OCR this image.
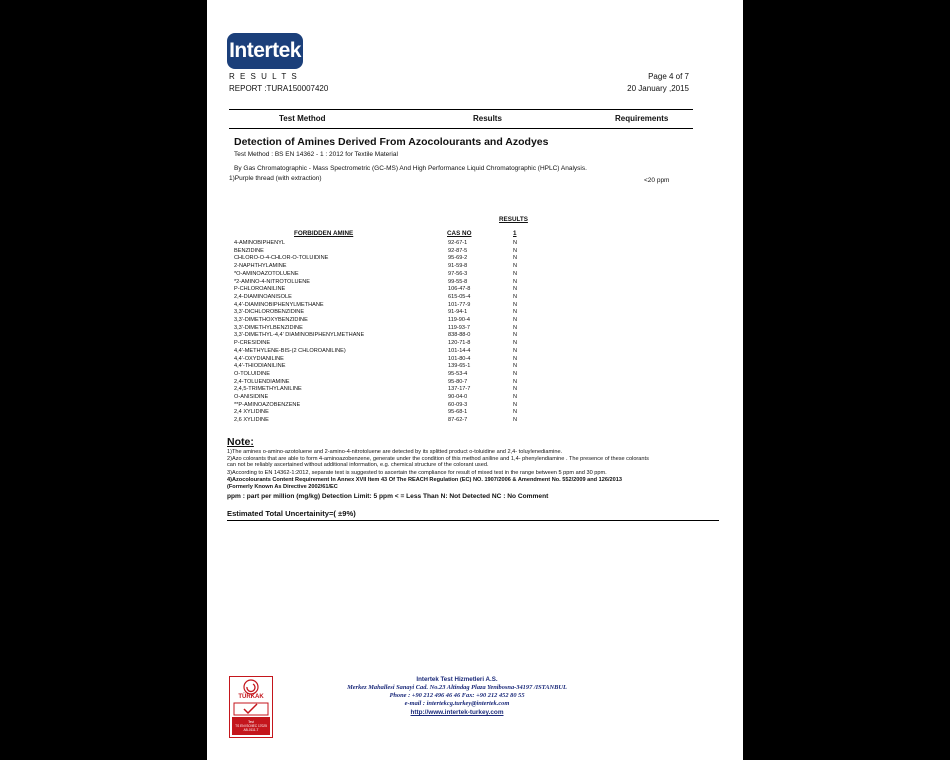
Intertek
R E S U L T S
REPORT :TURA150007420
Page 4 of 7
20 January ,2015
Test Method	Results	Requirements
Detection of Amines Derived From Azocolourants and Azodyes
Test Method : BS EN 14362 - 1 : 2012 for Textile Material
By Gas Chromatographic - Mass Spectrometric (GC-MS) And High Performance Liquid Chromatographic (HPLC) Analysis.
1)Purple thread (with extraction)	<20 ppm
RESULTS
FORBIDDEN AMINE	CAS NO	1
4-AMINOBIPHENYL	92-67-1	N
BENZIDINE	92-87-5	N
CHLORO-O-4-CHLOR-O-TOLUIDINE	95-69-2	N
2-NAPHTHYLAMINE	91-59-8	N
*O-AMINOAZOTOLUENE	97-56-3	N
*2-AMINO-4-NITROTOLUENE	99-55-8	N
P-CHLOROANILINE	106-47-8	N
2,4-DIAMINOANISOLE	615-05-4	N
4,4'-DIAMINOBIPHENYLMETHANE	101-77-9	N
3,3'-DICHLOROBENZIDINE	91-94-1	N
3,3'-DIMETHOXYBENZIDINE	119-90-4	N
3,3'-DIMETHYLBENZIDINE	119-93-7	N
3,3'-DIMETHYL-4,4' DIAMINOBIPHENYLMETHANE	838-88-0	N
P-CRESIDINE	120-71-8	N
4,4'-METHYLENE-BIS-(2 CHLOROANILINE)	101-14-4	N
4,4'-OXYDIANILINE	101-80-4	N
4,4'-THIODIANILINE	139-65-1	N
O-TOLUIDINE	95-53-4	N
2,4-TOLUENDIAMINE	95-80-7	N
2,4,5-TRIMETHYLANILINE	137-17-7	N
O-ANISIDINE	90-04-0	N
**P-AMINOAZOBENZENE	60-09-3	N
2,4 XYLIDINE	95-68-1	N
2,6 XYLIDINE	87-62-7	N
Note:
1)The amines o-amino-azotoluene and 2-amino-4-nitrotoluene are detected by its splitted product o-toluidine and 2,4- toluylenediamine.
2)Azo colorants that are able to form 4-aminoazobenzene, generate under the condition of this method aniline and 1,4- phenylendiamine . The presence of these colorants
can not be reliably ascertained without additional information, e.g. chemical structure of the colorant used.
3)According to EN 14362-1:2012, separate test is suggested to ascertain the compliance for result of mixed test in the range between 5 ppm and 30 ppm.
4)Azocolourants Content Requirement In Annex XVII Item 43 Of The REACH Regulation (EC) NO. 1907/2006 & Amendment No. 552/2009 and 126/2013
(Formerly Known As Directive 2002/61/EC
ppm : part per million (mg/kg) Detection Limit: 5 ppm < = Less Than N: Not Detected NC : No Comment
Estimated Total Uncertainity=( ±9%)
TÜRKAK
Test
TS EN ISO/IEC 17025
AB-0111-T
Intertek Test Hizmetleri A.S.
Merkez Mahallesi Sanayi Cad. No.23 Altindag Plaza Yenibosna-34197 /ISTANBUL
Phone : +90 212 496 46 46 Fax: +90 212 452 80 55
e-mail : intertekcg.turkey@intertek.com
http://www.intertek-turkey.com
